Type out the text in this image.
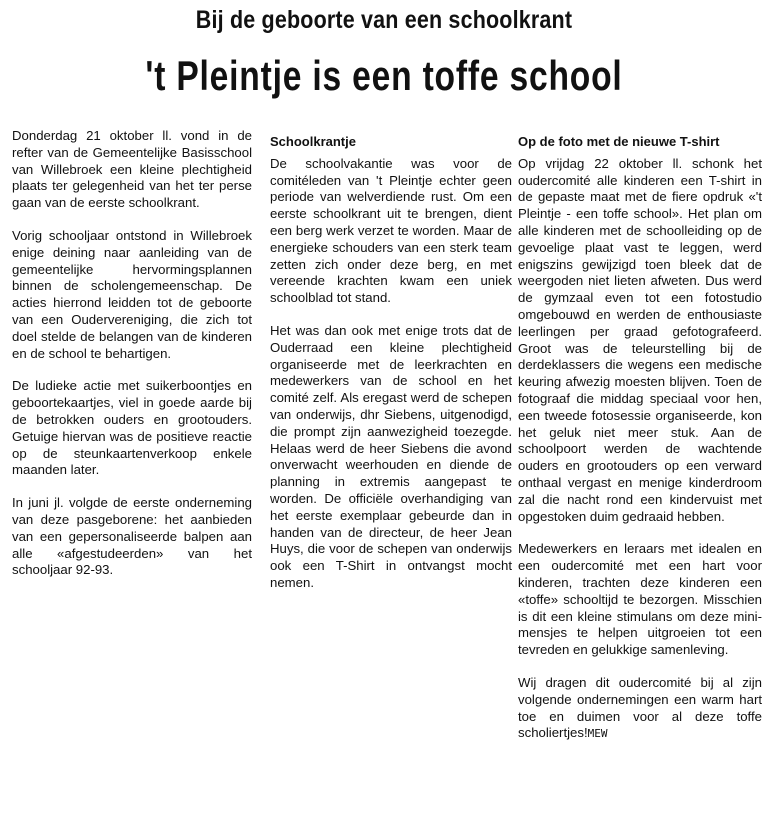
Bij de geboorte van een schoolkrant
't Pleintje is een toffe school

Donderdag 21 oktober ll. vond in de refter van de Gemeentelijke Basisschool van Willebroek een kleine plechtigheid plaats ter gelegenheid van het ter perse gaan van de eerste schoolkrant.

Vorig schooljaar ontstond in Willebroek enige deining naar aanleiding van de gemeentelijke hervormingsplannen binnen de scholengemeenschap. De acties hierrond leidden tot de geboorte van een Oudervereniging, die zich tot doel stelde de belangen van de kinderen en de school te behartigen.

De ludieke actie met suikerboontjes en geboortekaartjes, viel in goede aarde bij de betrokken ouders en grootouders. Getuige hiervan was de positieve reactie op de steunkaartenverkoop enkele maanden later.

In juni jl. volgde de eerste onderneming van deze pasgeborene: het aanbieden van een gepersonaliseerde balpen aan alle «afgestudeerden» van het schooljaar 92-93.

Schoolkrantje

De schoolvakantie was voor de comitéleden van 't Pleintje echter geen periode van welverdiende rust. Om een eerste schoolkrant uit te brengen, dient een berg werk verzet te worden. Maar de energieke schouders van een sterk team zetten zich onder deze berg, en met vereende krachten kwam een uniek schoolblad tot stand.

Het was dan ook met enige trots dat de Ouderraad een kleine plechtigheid organiseerde met de leerkrachten en medewerkers van de school en het comité zelf. Als eregast werd de schepen van onderwijs, dhr Siebens, uitgenodigd, die prompt zijn aanwezigheid toezegde. Helaas werd de heer Siebens die avond onverwacht weerhouden en diende de planning in extremis aangepast te worden. De officiële overhandiging van het eerste exemplaar gebeurde dan in handen van de directeur, de heer Jean Huys, die voor de schepen van onderwijs ook een T-Shirt in ontvangst mocht nemen.

Op de foto met de nieuwe T-shirt

Op vrijdag 22 oktober ll. schonk het oudercomité alle kinderen een T-shirt in de gepaste maat met de fiere opdruk «'t Pleintje - een toffe school». Het plan om alle kinderen met de schoolleiding op de gevoelige plaat vast te leggen, werd enigszins gewijzigd toen bleek dat de weergoden niet lieten afweten. Dus werd de gymzaal even tot een fotostudio omgebouwd en werden de enthousiaste leerlingen per graad gefotografeerd. Groot was de teleurstelling bij de derdeklassers die wegens een medische keuring afwezig moesten blijven. Toen de fotograaf die middag speciaal voor hen, een tweede fotosessie organiseerde, kon het geluk niet meer stuk. Aan de schoolpoort werden de wachtende ouders en grootouders op een verward onthaal vergast en menige kinderdroom zal die nacht rond een kindervuist met opgestoken duim gedraaid hebben.

Medewerkers en leraars met idealen en een oudercomité met een hart voor kinderen, trachten deze kinderen een «toffe» schooltijd te bezorgen. Misschien is dit een kleine stimulans om deze mini-mensjes te helpen uitgroeien tot een tevreden en gelukkige samenleving.

Wij dragen dit oudercomité bij al zijn volgende ondernemingen een warm hart toe en duimen voor al deze toffe scholiertjes!MEW
